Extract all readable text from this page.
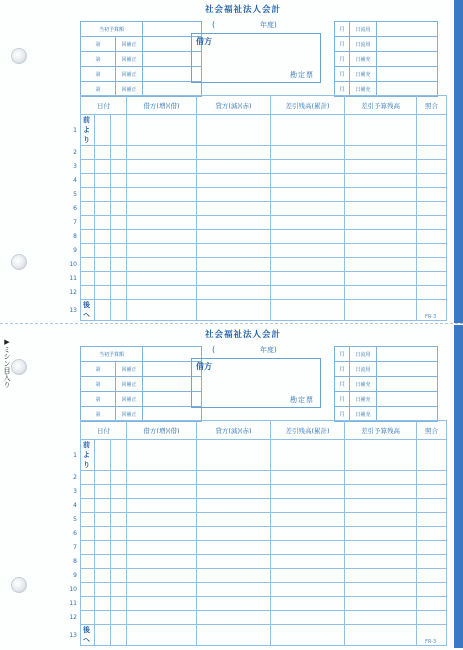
社会福祉法人会計
(	年度)
当初予算額		
第	回補正	
第	回補正	
第	回補正	
第	回補正	
借方
勘定票
月	日流用	
月	日流用	
月	日補充	
月	日補充	
月	日補充	
	日付			借方(増)(借)	貸方(減)(赤)	差引残高(累計)	差引予算残高	照合
1	前より							
2								
3								
4								
5								
6								
7								
8								
9								
10								
11								
12								
13	後へ								FR-3
▶ミシン目入り
社会福祉法人会計
(	年度)
当初予算額		
第	回補正	
第	回補正	
第	回補正	
第	回補正	
借方
勘定票
月	日流用	
月	日流用	
月	日補充	
月	日補充	
月	日補充	
	日付			借方(増)(借)	貸方(減)(赤)	差引残高(累計)	差引予算残高	照合
1	前より							
2								
3								
4								
5								
6								
7								
8								
9								
10								
11								
12								
13	後へ								FR-3
